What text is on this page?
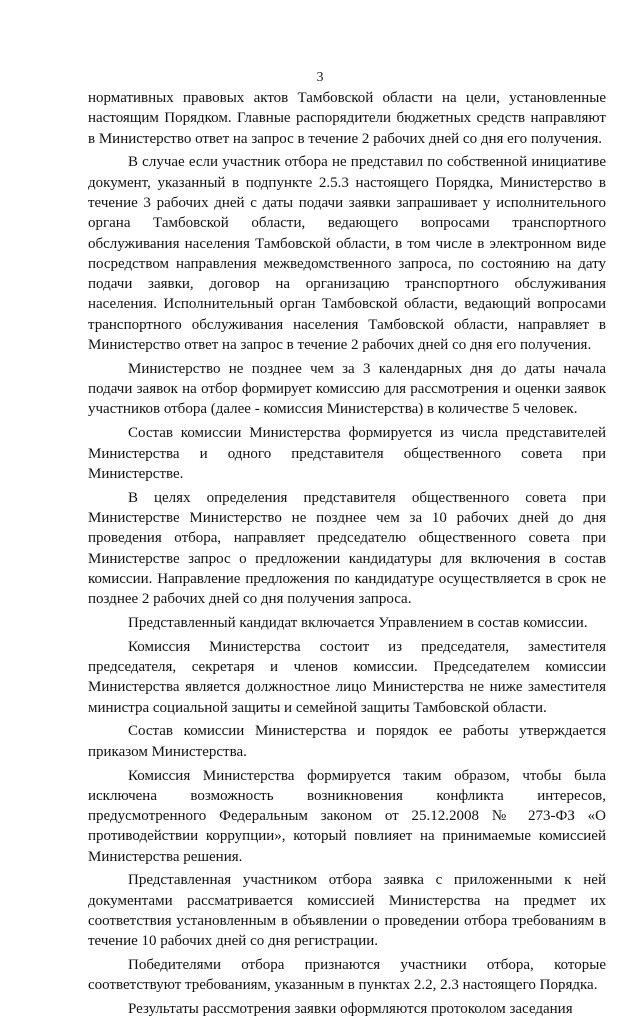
3

нормативных правовых актов Тамбовской области на цели, установленные настоящим Порядком. Главные распорядители бюджетных средств направляют в Министерство ответ на запрос в течение 2 рабочих дней со дня его получения.

В случае если участник отбора не представил по собственной инициативе документ, указанный в подпункте 2.5.3 настоящего Порядка, Министерство в течение 3 рабочих дней с даты подачи заявки запрашивает у исполнительного органа Тамбовской области, ведающего вопросами транспортного обслуживания населения Тамбовской области, в том числе в электронном виде посредством направления межведомственного запроса, по состоянию на дату подачи заявки, договор на организацию транспортного обслуживания населения. Исполнительный орган Тамбовской области, ведающий вопросами транспортного обслуживания населения Тамбовской области, направляет в Министерство ответ на запрос в течение 2 рабочих дней со дня его получения.

Министерство не позднее чем за 3 календарных дня до даты начала подачи заявок на отбор формирует комиссию для рассмотрения и оценки заявок участников отбора (далее - комиссия Министерства) в количестве 5 человек.

Состав комиссии Министерства формируется из числа представителей Министерства и одного представителя общественного совета при Министерстве.

В целях определения представителя общественного совета при Министерстве Министерство не позднее чем за 10 рабочих дней до дня проведения отбора, направляет председателю общественного совета при Министерстве запрос о предложении кандидатуры для включения в состав комиссии. Направление предложения по кандидатуре осуществляется в срок не позднее 2 рабочих дней со дня получения запроса.

Представленный кандидат включается Управлением в состав комиссии.

Комиссия Министерства состоит из председателя, заместителя председателя, секретаря и членов комиссии. Председателем комиссии Министерства является должностное лицо Министерства не ниже заместителя министра социальной защиты и семейной защиты Тамбовской области.

Состав комиссии Министерства и порядок ее работы утверждается приказом Министерства.

Комиссия Министерства формируется таким образом, чтобы была исключена возможность возникновения конфликта интересов, предусмотренного Федеральным законом от 25.12.2008 № 273-ФЗ «О противодействии коррупции», который повлияет на принимаемые комиссией Министерства решения.

Представленная участником отбора заявка с приложенными к ней документами рассматривается комиссией Министерства на предмет их соответствия установленным в объявлении о проведении отбора требованиям в течение 10 рабочих дней со дня регистрации.

Победителями отбора признаются участники отбора, которые соответствуют требованиям, указанным в пунктах 2.2, 2.3 настоящего Порядка.

Результаты рассмотрения заявки оформляются протоколом заседания
